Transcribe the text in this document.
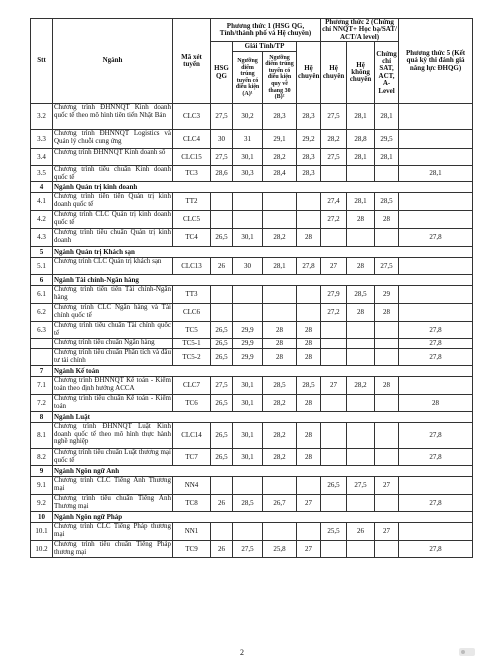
Stt	Ngành	Mã xét tuyển	Phương thức 1 (HSG QG, Tỉnh/thành phố và Hệ chuyên)				Phương thức 2 (Chứng chỉ NNQT+ Học bạ/SAT/ ACT/A level)			Phương thức 5 (Kết quả kỳ thi đánh giá năng lực ĐHQG)
			HSG QG	Giải Tỉnh/TP		Hệ chuyên	Hệ chuyên	Hệ không chuyên	Chứng chỉ SAT, ACT, A-Level	
				Ngưỡng điểm trúng tuyển có điều kiện (A)¹	Ngưỡng điểm trúng tuyển có điều kiện quy về thang 30 (B)²					
3.2	Chương trình ĐHNNQT Kinh doanh quốc tế theo mô hình tiên tiến Nhật Bản	CLC3	27,5	30,2	28,3	28,3	27,5	28,1	28,1	
3.3	Chương trình ĐHNNQT Logistics và Quản lý chuỗi cung ứng	CLC4	30	31	29,1	29,2	28,2	28,8	29,5	
3.4	Chương trình ĐHNNQT Kinh doanh số	CLC15	27,5	30,1	28,2	28,3	27,5	28,1	28,1	
3.5	Chương trình tiêu chuẩn Kinh doanh quốc tế	TC3	28,6	30,3	28,4	28,3				28,1
4	Ngành Quản trị kinh doanh									
4.1	Chương trình tiên tiến Quản trị kinh doanh quốc tế	TT2					27,4	28,1	28,5	
4.2	Chương trình CLC Quản trị kinh doanh quốc tế	CLC5					27,2	28	28	
4.3	Chương trình tiêu chuẩn Quản trị kinh doanh	TC4	26,5	30,1	28,2	28				27,8
5	Ngành Quản trị Khách sạn									
5.1	Chương trình CLC Quản trị khách sạn	CLC13	26	30	28,1	27,8	27	28	27,5	
6	Ngành Tài chính-Ngân hàng									
6.1	Chương trình tiên tiến Tài chính-Ngân hàng	TT3					27,9	28,5	29	
6.2	Chương trình CLC Ngân hàng và Tài chính quốc tế	CLC6					27,2	28	28	
6.3	Chương trình tiêu chuẩn Tài chính quốc tế	TC5	26,5	29,9	28	28				27,8
	Chương trình tiêu chuẩn Ngân hàng	TC5-1	26,5	29,9	28	28				27,8
	Chương trình tiêu chuẩn Phân tích và đầu tư tài chính	TC5-2	26,5	29,9	28	28				27,8
7	Ngành Kế toán									
7.1	Chương trình ĐHNNQT Kế toán - Kiểm toán theo định hướng ACCA	CLC7	27,5	30,1	28,5	28,5	27	28,2	28	
7.2	Chương trình tiêu chuẩn Kế toán - Kiểm toán	TC6	26,5	30,1	28,2	28				28
8	Ngành Luật									
8.1	Chương trình ĐHNNQT Luật Kinh doanh quốc tế theo mô hình thực hành nghề nghiệp	CLC14	26,5	30,1	28,2	28				27,8
8.2	Chương trình tiêu chuẩn Luật thương mại quốc tế	TC7	26,5	30,1	28,2	28				27,8
9	Ngành Ngôn ngữ Anh									
9.1	Chương trình CLC Tiếng Anh Thương mại	NN4					26,5	27,5	27	
9.2	Chương trình tiêu chuẩn Tiếng Anh Thương mại	TC8	26	28,5	26,7	27				27,8
10	Ngành Ngôn ngữ Pháp									
10.1	Chương trình CLC Tiếng Pháp thương mại	NN1					25,5	26	27	
10.2	Chương trình tiêu chuẩn Tiếng Pháp thương mại	TC9	26	27,5	25,8	27				27,8
2
